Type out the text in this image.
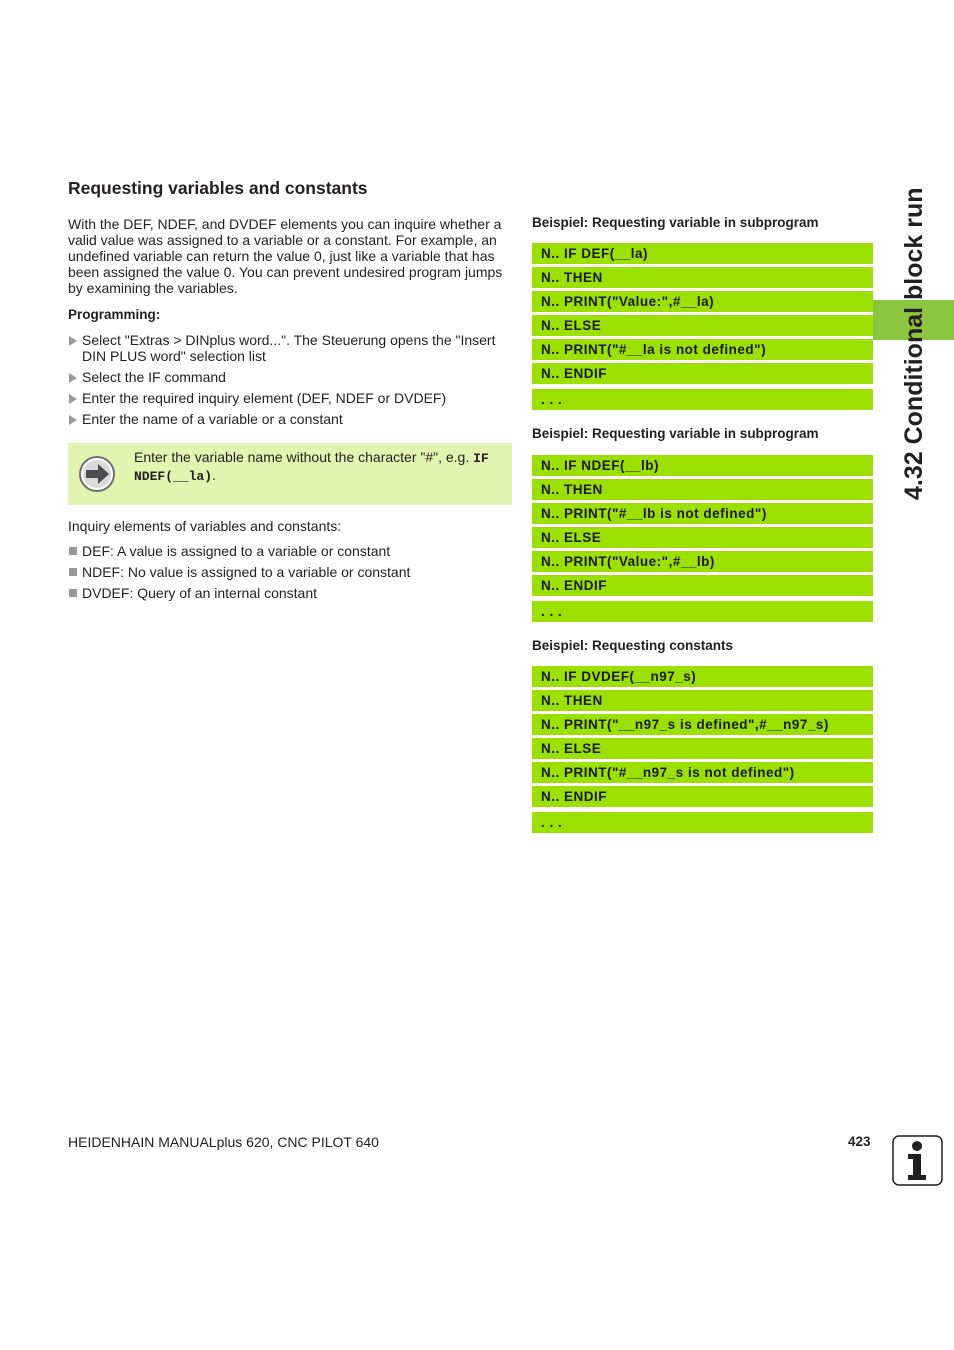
Requesting variables and constants

With the DEF, NDEF, and DVDEF elements you can inquire whether a valid value was assigned to a variable or a constant. For example, an undefined variable can return the value 0, just like a variable that has been assigned the value 0. You can prevent undesired program jumps by examining the variables.

Programming:

Select "Extras > DINplus word...". The Steuerung opens the "Insert DIN PLUS word" selection list
Select the IF command
Enter the required inquiry element (DEF, NDEF or DVDEF)
Enter the name of a variable or a constant
Enter the variable name without the character "#", e.g. IF NDEF(__la).

Inquiry elements of variables and constants:

DEF: A value is assigned to a variable or constant
NDEF: No value is assigned to a variable or constant
DVDEF: Query of an internal constant

Beispiel: Requesting variable in subprogram

N.. IF DEF(__la)
N.. THEN
N.. PRINT("Value:",#__la)
N.. ELSE
N.. PRINT("#__la is not defined")
N.. ENDIF
. . .

Beispiel: Requesting variable in subprogram

N.. IF NDEF(__lb)
N.. THEN
N.. PRINT("#__lb is not defined")
N.. ELSE
N.. PRINT("Value:",#__lb)
N.. ENDIF
. . .

Beispiel: Requesting constants

N.. IF DVDEF(__n97_s)
N.. THEN
N.. PRINT("__n97_s is defined",#__n97_s)
N.. ELSE
N.. PRINT("#__n97_s is not defined")
N.. ENDIF
. . .

4.32 Conditional block run

HEIDENHAIN MANUALplus 620, CNC PILOT 640	423
